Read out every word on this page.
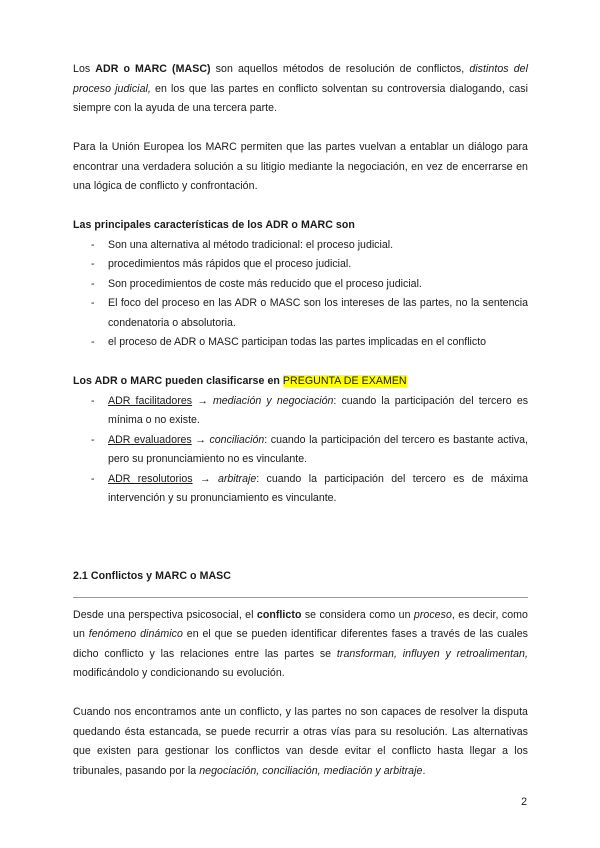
Los ADR o MARC (MASC) son aquellos métodos de resolución de conflictos, distintos del proceso judicial, en los que las partes en conflicto solventan su controversia dialogando, casi siempre con la ayuda de una tercera parte.

Para la Unión Europea los MARC permiten que las partes vuelvan a entablar un diálogo para encontrar una verdadera solución a su litigio mediante la negociación, en vez de encerrarse en una lógica de conflicto y confrontación.

Las principales características de los ADR o MARC son

- Son una alternativa al método tradicional: el proceso judicial.
- procedimientos más rápidos que el proceso judicial.
- Son procedimientos de coste más reducido que el proceso judicial.
- El foco del proceso en las ADR o MASC son los intereses de las partes, no la sentencia condenatoria o absolutoria.
- el proceso de ADR o MASC participan todas las partes implicadas en el conflicto

Los ADR o MARC pueden clasificarse en PREGUNTA DE EXAMEN

- ADR facilitadores → mediación y negociación: cuando la participación del tercero es mínima o no existe.
- ADR evaluadores → conciliación: cuando la participación del tercero es bastante activa, pero su pronunciamiento no es vinculante.
- ADR resolutorios → arbitraje: cuando la participación del tercero es de máxima intervención y su pronunciamiento es vinculante.

2.1 Conflictos y MARC o MASC

Desde una perspectiva psicosocial, el conflicto se considera como un proceso, es decir, como un fenómeno dinámico en el que se pueden identificar diferentes fases a través de las cuales dicho conflicto y las relaciones entre las partes se transforman, influyen y retroalimentan, modificándolo y condicionando su evolución.

Cuando nos encontramos ante un conflicto, y las partes no son capaces de resolver la disputa quedando ésta estancada, se puede recurrir a otras vías para su resolución. Las alternativas que existen para gestionar los conflictos van desde evitar el conflicto hasta llegar a los tribunales, pasando por la negociación, conciliación, mediación y arbitraje.

2
